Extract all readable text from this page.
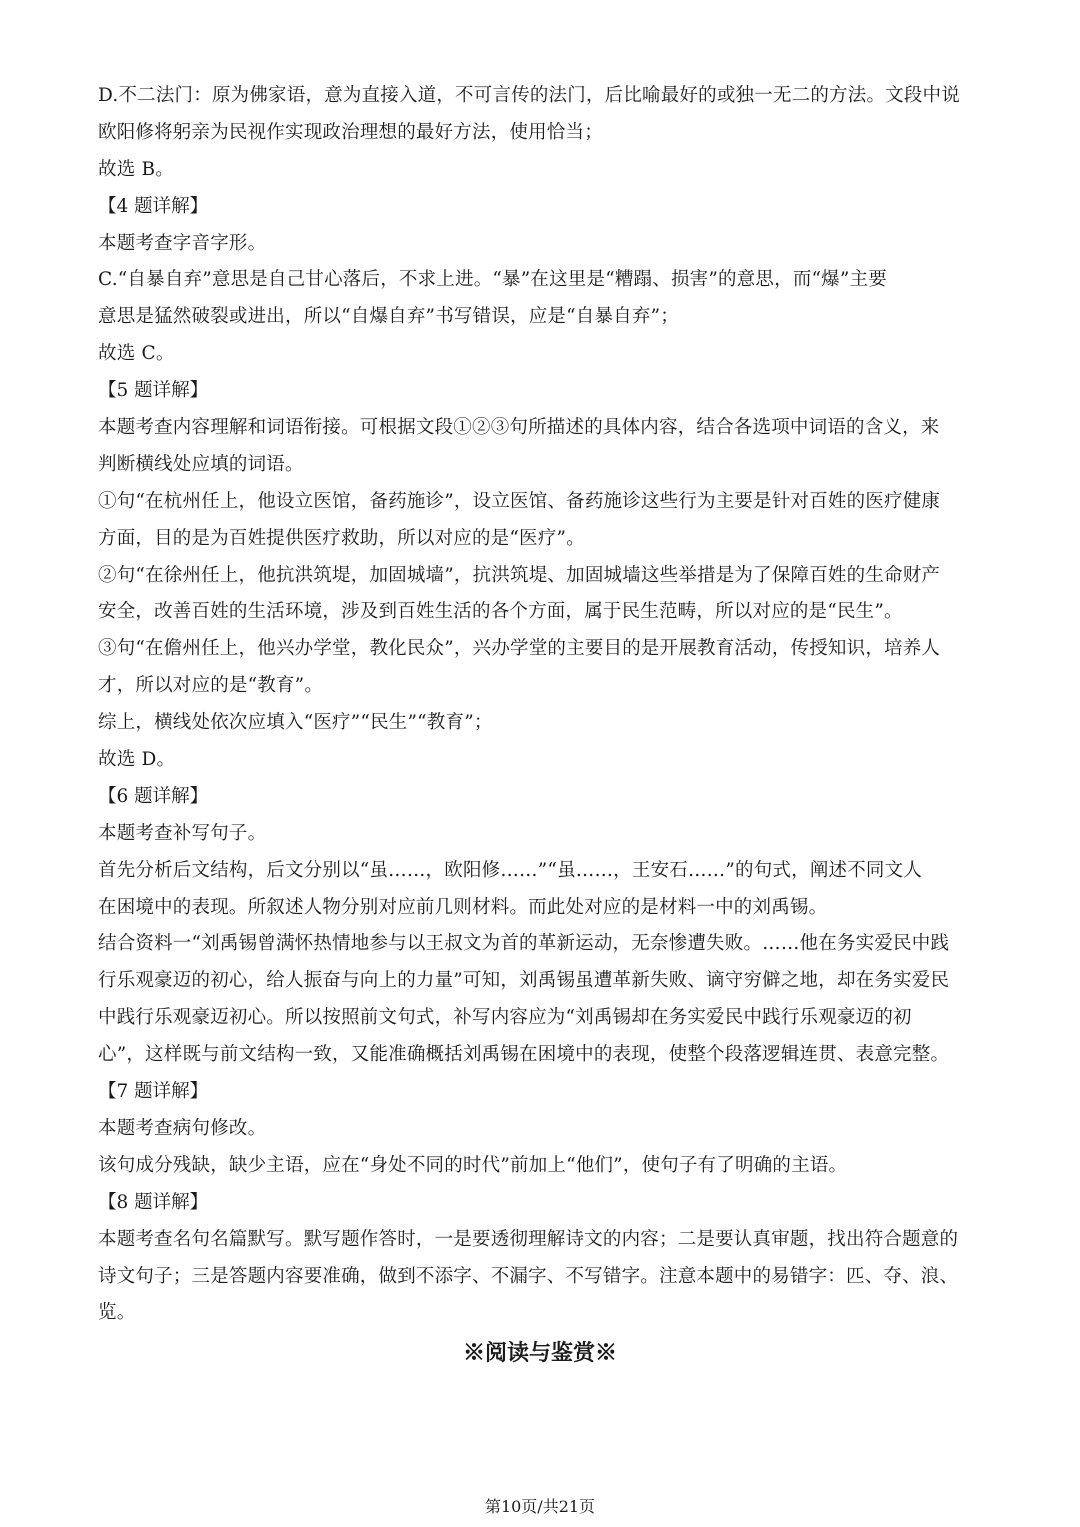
D.不二法门：原为佛家语，意为直接入道，不可言传的法门，后比喻最好的或独一无二的方法。文段中说
欧阳修将躬亲为民视作实现政治理想的最好方法，使用恰当；
故选 B。
【4 题详解】
本题考查字音字形。
C.“自暴自弃”意思是自己甘心落后，不求上进。“暴”在这里是“糟蹋、损害”的意思，而“爆”主要
意思是猛然破裂或进出，所以“自爆自弃”书写错误，应是“自暴自弃”；
故选 C。
【5 题详解】
本题考查内容理解和词语衔接。可根据文段①②③句所描述的具体内容，结合各选项中词语的含义，来
判断横线处应填的词语。
①句“在杭州任上，他设立医馆，备药施诊”，设立医馆、备药施诊这些行为主要是针对百姓的医疗健康
方面，目的是为百姓提供医疗救助，所以对应的是“医疗”。
②句“在徐州任上，他抗洪筑堤，加固城墙”，抗洪筑堤、加固城墙这些举措是为了保障百姓的生命财产
安全，改善百姓的生活环境，涉及到百姓生活的各个方面，属于民生范畴，所以对应的是“民生”。
③句“在儋州任上，他兴办学堂，教化民众”，兴办学堂的主要目的是开展教育活动，传授知识，培养人
才，所以对应的是“教育”。
综上，横线处依次应填入“医疗”“民生”“教育”；
故选 D。
【6 题详解】
本题考查补写句子。
首先分析后文结构，后文分别以“虽……，欧阳修……”“虽……，王安石……”的句式，阐述不同文人
在困境中的表现。所叙述人物分别对应前几则材料。而此处对应的是材料一中的刘禹锡。
结合资料一“刘禹锡曾满怀热情地参与以王叔文为首的革新运动，无奈惨遭失败。……他在务实爱民中践
行乐观豪迈的初心，给人振奋与向上的力量”可知，刘禹锡虽遭革新失败、谪守穷僻之地，却在务实爱民
中践行乐观豪迈初心。所以按照前文句式，补写内容应为“刘禹锡却在务实爱民中践行乐观豪迈的初
心”，这样既与前文结构一致，又能准确概括刘禹锡在困境中的表现，使整个段落逻辑连贯、表意完整。
【7 题详解】
本题考查病句修改。
该句成分残缺，缺少主语，应在“身处不同的时代”前加上“他们”，使句子有了明确的主语。
【8 题详解】
本题考查名句名篇默写。默写题作答时，一是要透彻理解诗文的内容；二是要认真审题，找出符合题意的
诗文句子；三是答题内容要准确，做到不添字、不漏字、不写错字。注意本题中的易错字：匹、夺、浪、
览。
※阅读与鉴赏※
第10页/共21页
